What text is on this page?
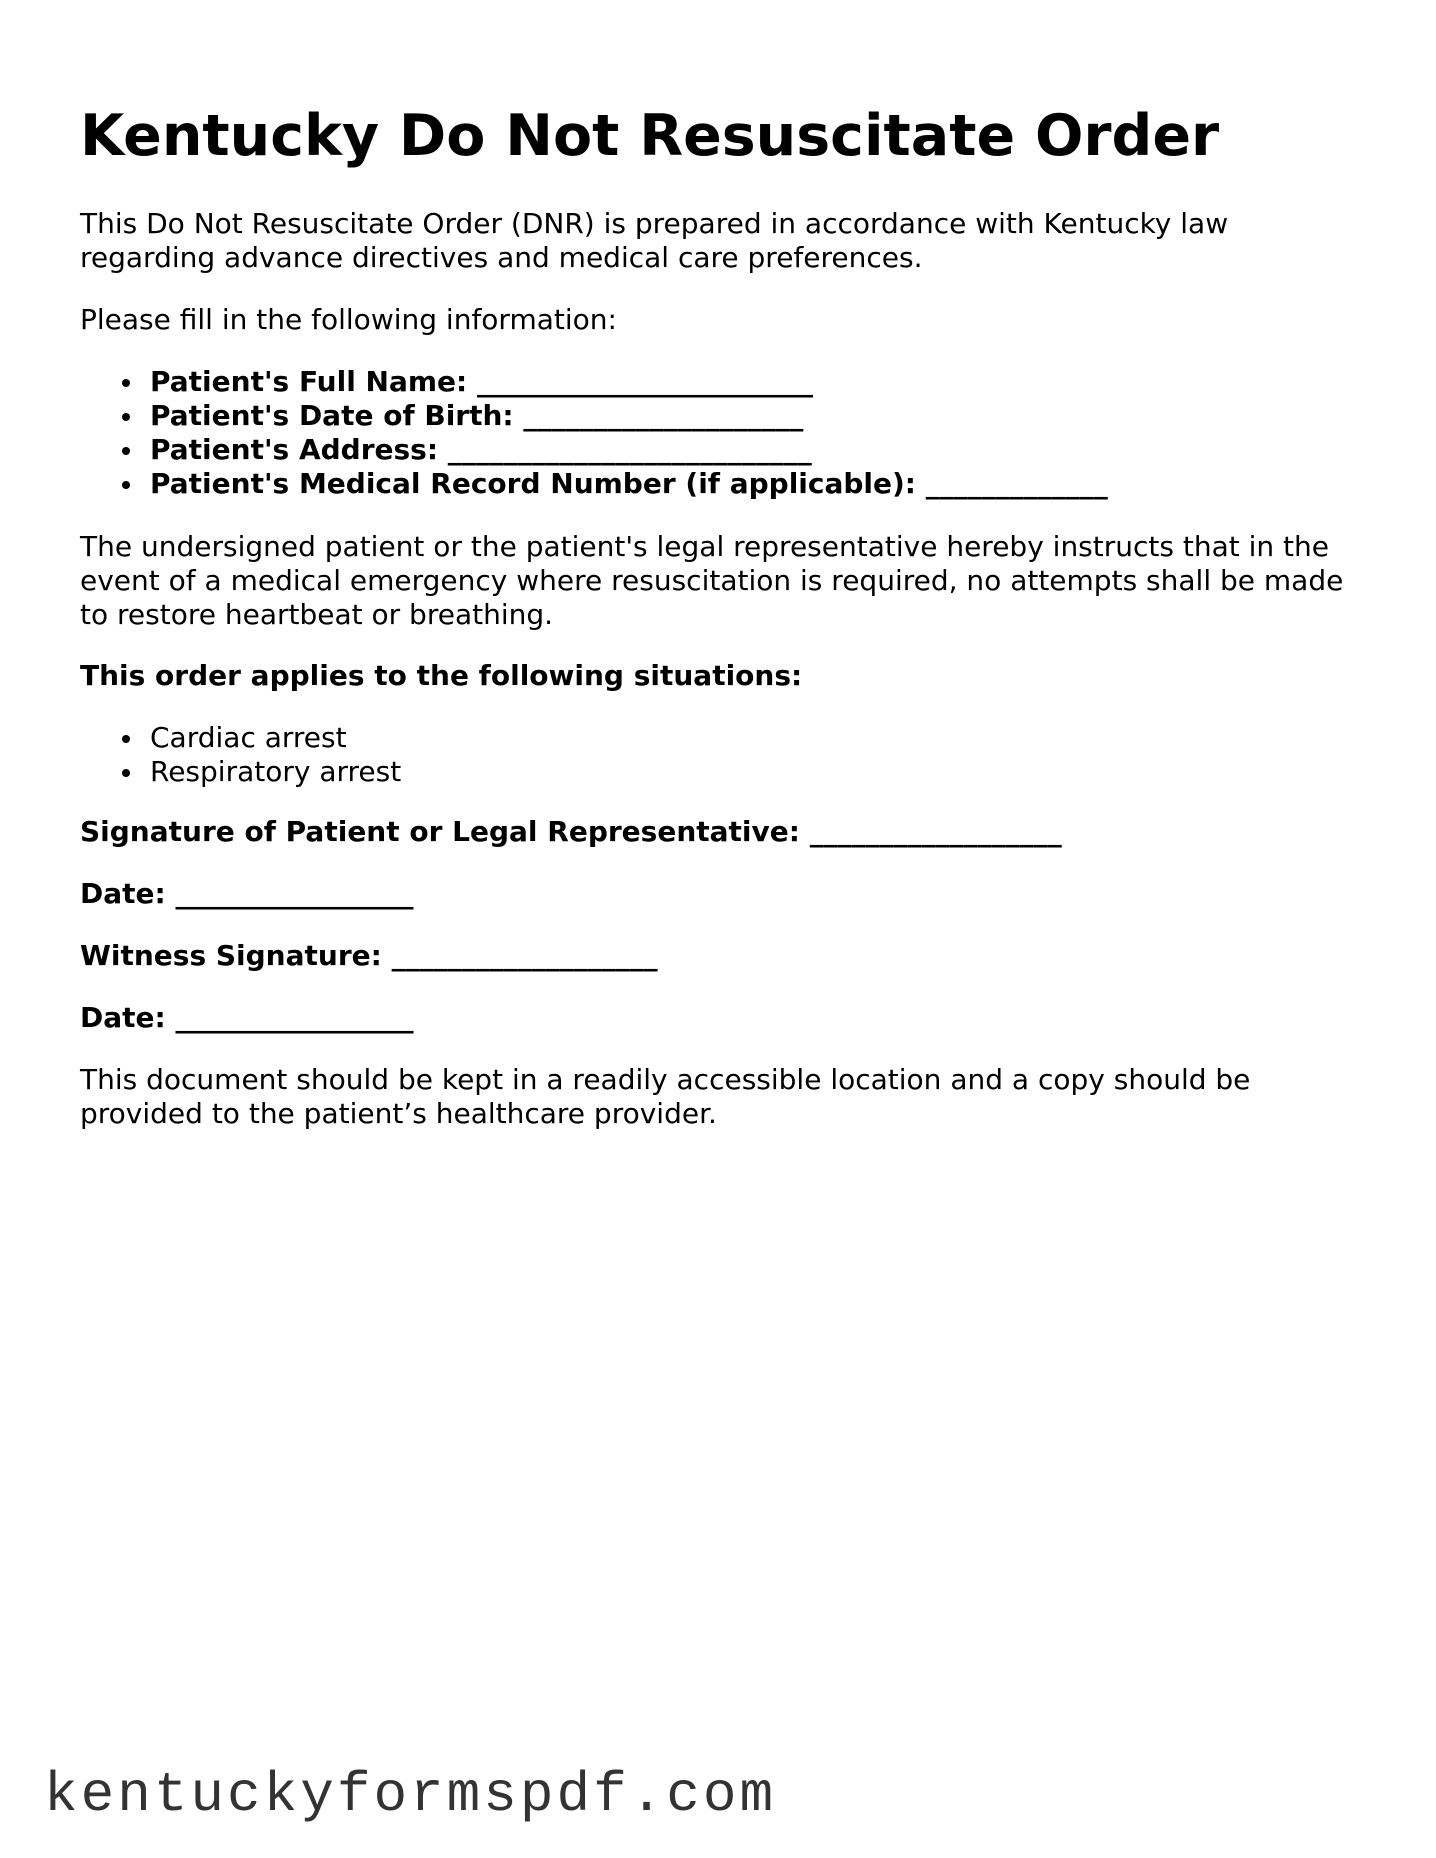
Kentucky Do Not Resuscitate Order

This Do Not Resuscitate Order (DNR) is prepared in accordance with Kentucky law
regarding advance directives and medical care preferences.

Please fill in the following information:

Patient's Full Name: ________________________
Patient's Date of Birth: ____________________
Patient's Address: __________________________
Patient's Medical Record Number (if applicable): _____________

The undersigned patient or the patient's legal representative hereby instructs that in the
event of a medical emergency where resuscitation is required, no attempts shall be made
to restore heartbeat or breathing.

This order applies to the following situations:

Cardiac arrest
Respiratory arrest

Signature of Patient or Legal Representative: __________________

Date: _________________

Witness Signature: ___________________

Date: _________________

This document should be kept in a readily accessible location and a copy should be
provided to the patient’s healthcare provider.

kentuckyformspdf.com
